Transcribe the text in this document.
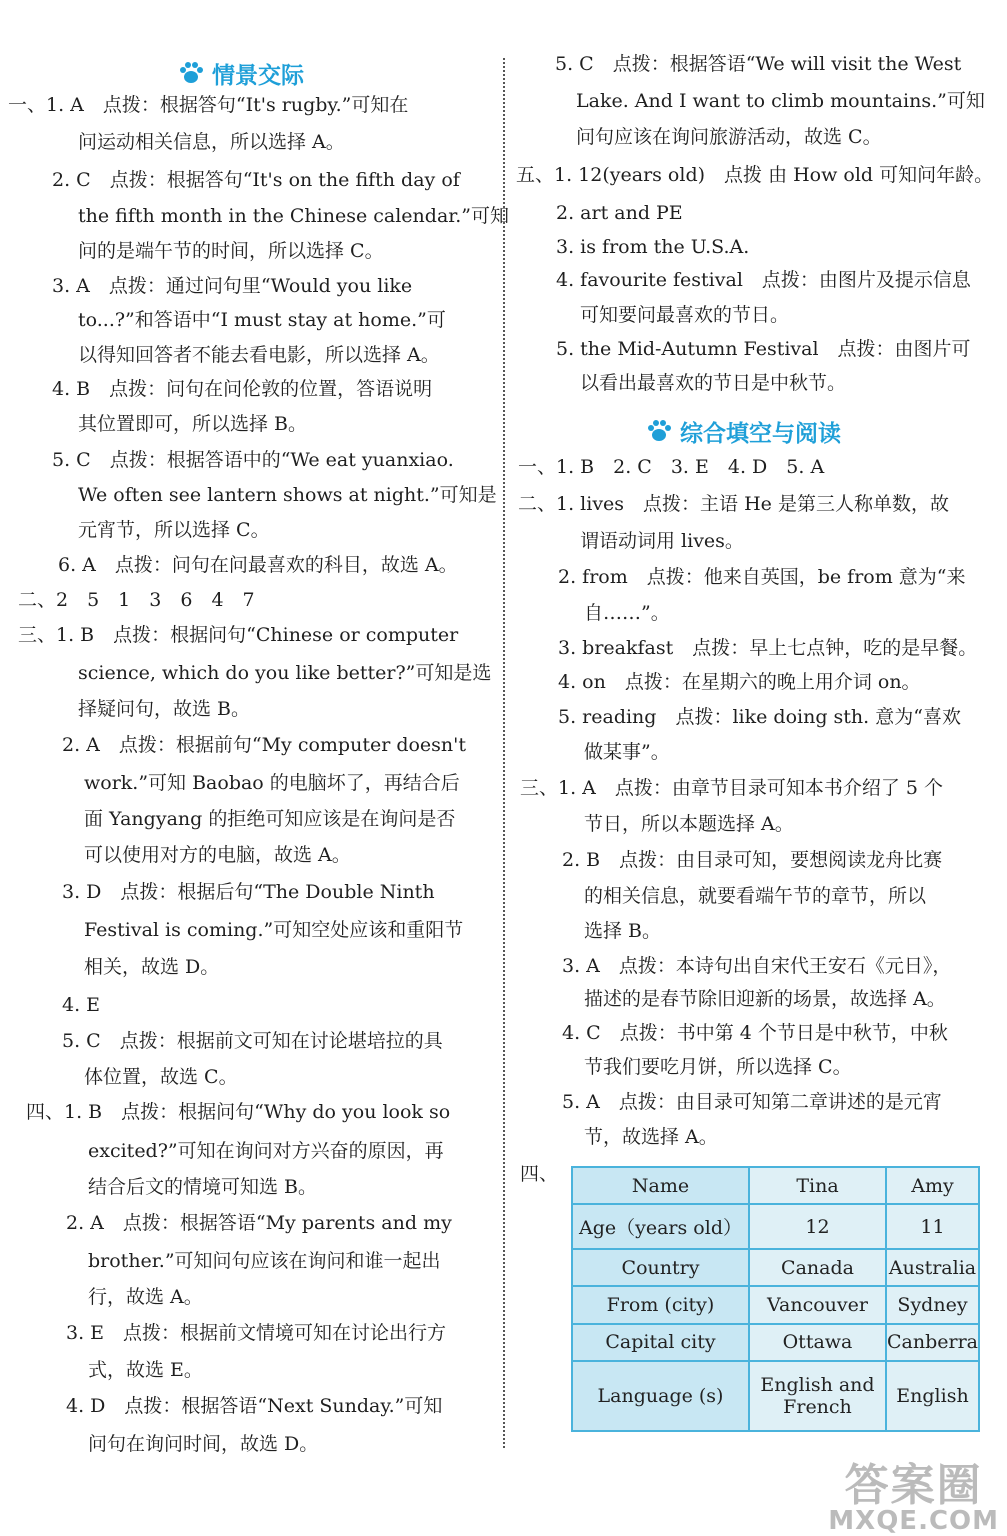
情景交际
一、1. A　点拨：根据答句“It's rugby.”可知在
问运动相关信息，所以选择 A。
2. C　点拨：根据答句“It's on the fifth day of
the fifth month in the Chinese calendar.”可知
问的是端午节的时间，所以选择 C。
3. A　点拨：通过问句里“Would you like
to...?”和答语中“I must stay at home.”可
以得知回答者不能去看电影，所以选择 A。
4. B　点拨：问句在问伦敦的位置，答语说明
其位置即可，所以选择 B。
5. C　点拨：根据答语中的“We eat yuanxiao.
We often see lantern shows at night.”可知是
元宵节，所以选择 C。
6. A　点拨：问句在问最喜欢的科目，故选 A。
二、2　5　1　3　6　4　7
三、1. B　点拨：根据问句“Chinese or computer
science, which do you like better?”可知是选
择疑问句，故选 B。
2. A　点拨：根据前句“My computer doesn't
work.”可知 Baobao 的电脑坏了，再结合后
面 Yangyang 的拒绝可知应该是在询问是否
可以使用对方的电脑，故选 A。
3. D　点拨：根据后句“The Double Ninth
Festival is coming.”可知空处应该和重阳节
相关，故选 D。
4. E
5. C　点拨：根据前文可知在讨论堪培拉的具
体位置，故选 C。
四、1. B　点拨：根据问句“Why do you look so
excited?”可知在询问对方兴奋的原因，再
结合后文的情境可知选 B。
2. A　点拨：根据答语“My parents and my
brother.”可知问句应该在询问和谁一起出
行，故选 A。
3. E　点拨：根据前文情境可知在讨论出行方
式，故选 E。
4. D　点拨：根据答语“Next Sunday.”可知
问句在询问时间，故选 D。
5. C　点拨：根据答语“We will visit the West
Lake. And I want to climb mountains.”可知
问句应该在询问旅游活动，故选 C。
五、1. 12(years old)　点拨 由 How old 可知问年龄。
2. art and PE
3. is from the U.S.A.
4. favourite festival　点拨：由图片及提示信息
可知要问最喜欢的节日。
5. the Mid-Autumn Festival　点拨：由图片可
以看出最喜欢的节日是中秋节。
综合填空与阅读
一、1. B　2. C　3. E　4. D　5. A
二、1. lives　点拨：主语 He 是第三人称单数，故
谓语动词用 lives。
2. from　点拨：他来自英国，be from 意为“来
自……”。
3. breakfast　点拨：早上七点钟，吃的是早餐。
4. on　点拨：在星期六的晚上用介词 on。
5. reading　点拨：like doing sth. 意为“喜欢
做某事”。
三、1. A　点拨：由章节目录可知本书介绍了 5 个
节日，所以本题选择 A。
2. B　点拨：由目录可知，要想阅读龙舟比赛
的相关信息，就要看端午节的章节，所以
选择 B。
3. A　点拨：本诗句出自宋代王安石《元日》，
描述的是春节除旧迎新的场景，故选择 A。
4. C　点拨：书中第 4 个节日是中秋节，中秋
节我们要吃月饼，所以选择 C。
5. A　点拨：由目录可知第二章讲述的是元宵
节，故选择 A。
四、
Name	Tina	Amy
Age（years old）	12	11
Country	Canada	Australia
From (city)	Vancouver	Sydney
Capital city	Ottawa	Canberra
Language (s)	English and French	English
答案圈
MXQE.COM
